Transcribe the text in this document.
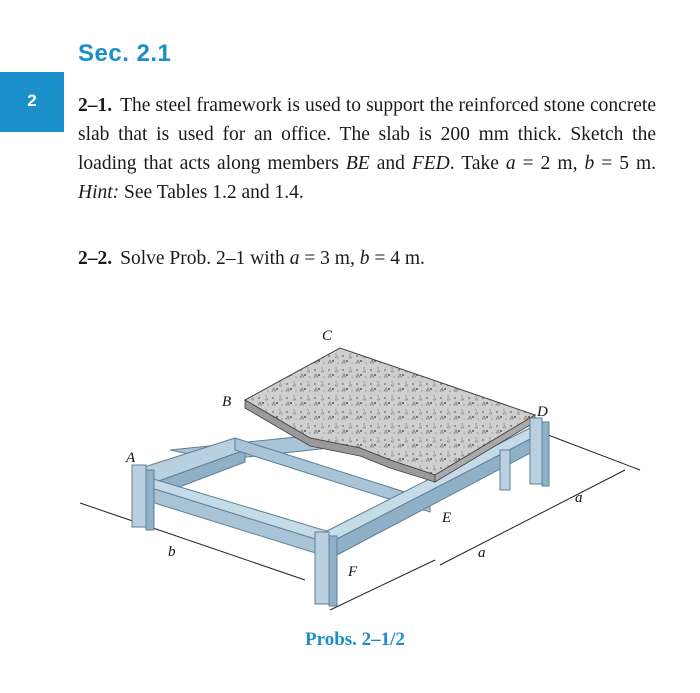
Sec. 2.1
2	2–1. The steel framework is used to support the reinforced stone concrete slab that is used for an office. The slab is 200 mm thick. Sketch the loading that acts along members BE and FED. Take a = 2 m, b = 5 m. Hint: See Tables 1.2 and 1.4.
2–2. Solve Prob. 2–1 with a = 3 m, b = 4 m.
A
B
C
D
E
F
a
a
b
Probs. 2–1/2
